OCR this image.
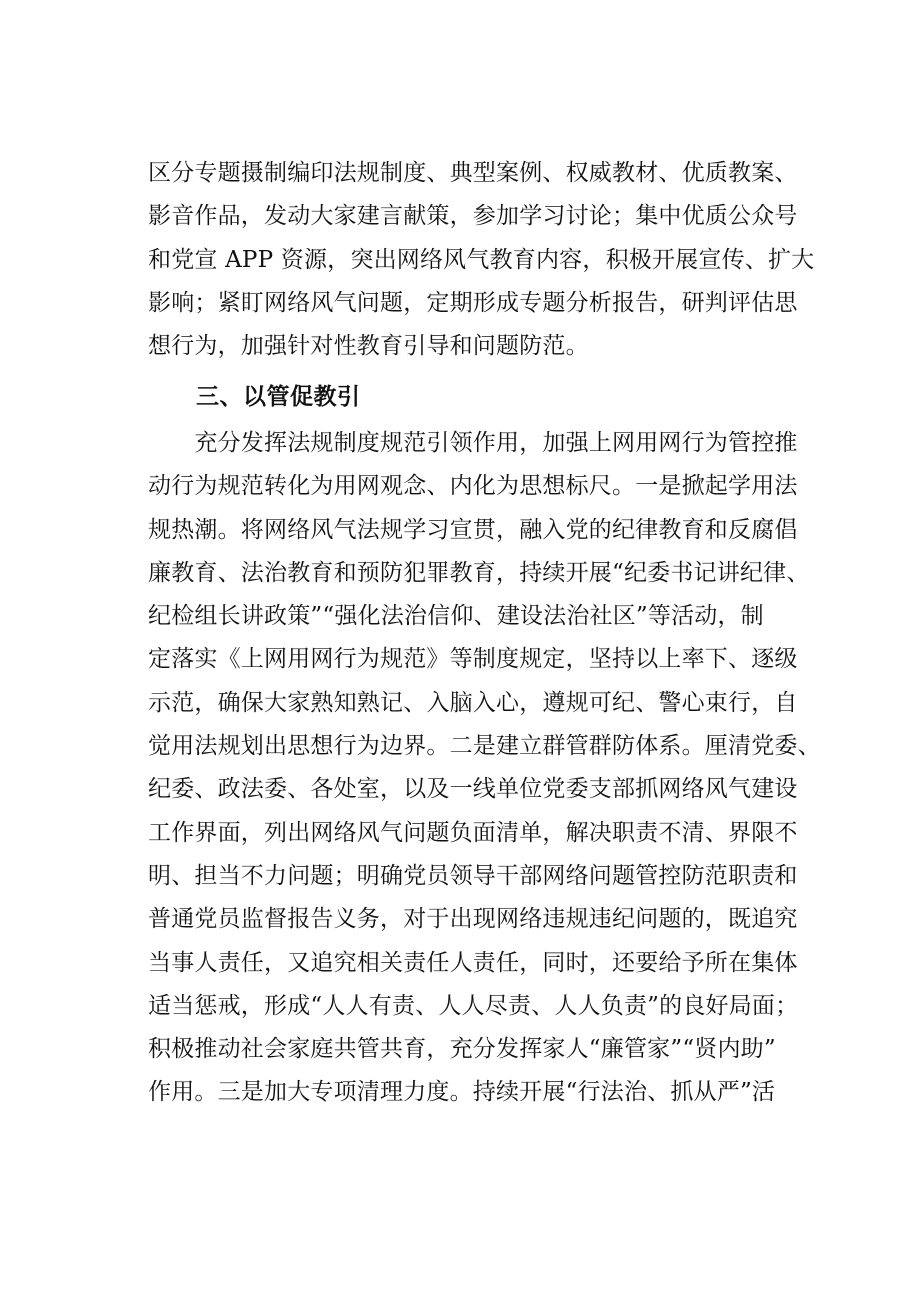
区分专题摄制编印法规制度、典型案例、权威教材、优质教案、

影音作品，发动大家建言献策，参加学习讨论；集中优质公众号

和党宣 APP 资源，突出网络风气教育内容，积极开展宣传、扩大

影响；紧盯网络风气问题，定期形成专题分析报告，研判评估思

想行为，加强针对性教育引导和问题防范。

三、以管促教引

　　充分发挥法规制度规范引领作用，加强上网用网行为管控推

动行为规范转化为用网观念、内化为思想标尺。一是掀起学用法

规热潮。将网络风气法规学习宣贯，融入党的纪律教育和反腐倡

廉教育、法治教育和预防犯罪教育，持续开展“纪委书记讲纪律、

纪检组长讲政策”“强化法治信仰、建设法治社区”等活动，制

定落实《上网用网行为规范》等制度规定，坚持以上率下、逐级

示范，确保大家熟知熟记、入脑入心，遵规可纪、警心束行，自

觉用法规划出思想行为边界。二是建立群管群防体系。厘清党委、

纪委、政法委、各处室，以及一线单位党委支部抓网络风气建设

工作界面，列出网络风气问题负面清单，解决职责不清、界限不

明、担当不力问题；明确党员领导干部网络问题管控防范职责和

普通党员监督报告义务，对于出现网络违规违纪问题的，既追究

当事人责任，又追究相关责任人责任，同时，还要给予所在集体

适当惩戒，形成“人人有责、人人尽责、人人负责”的良好局面；

积极推动社会家庭共管共育，充分发挥家人“廉管家”“贤内助”

作用。三是加大专项清理力度。持续开展“行法治、抓从严”活
